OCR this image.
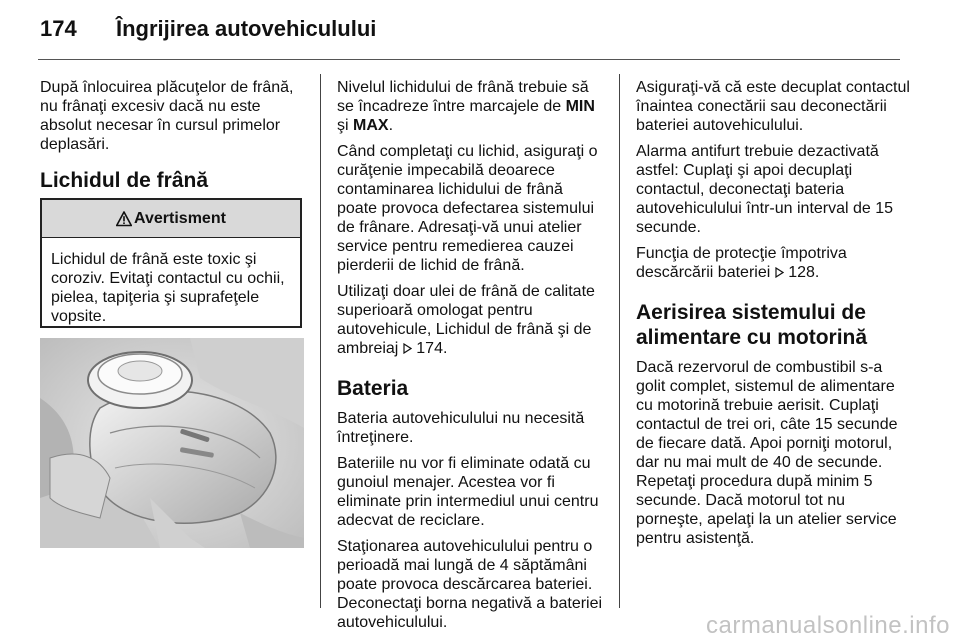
174	Îngrijirea autovehiculului

După înlocuirea plăcuţelor de frână, nu frânaţi excesiv dacă nu este absolut necesar în cursul primelor deplasări.

Lichidul de frână
Avertisment
Lichidul de frână este toxic şi coroziv. Evitaţi contactul cu ochii, pielea, tapiţeria şi suprafeţele vopsite.

Nivelul lichidului de frână trebuie să se încadreze între marcajele de MIN şi MAX.

Când completaţi cu lichid, asiguraţi o curăţenie impecabilă deoarece contaminarea lichidului de frână poate provoca defectarea sistemului de frânare. Adresaţi-vă unui atelier service pentru remedierea cauzei pierderii de lichid de frână.

Utilizaţi doar ulei de frână de calitate superioară omologat pentru autovehicule, Lichidul de frână şi de ambreiaj  174.

Bateria

Bateria autovehiculului nu necesită întreţinere.

Bateriile nu vor fi eliminate odată cu gunoiul menajer. Acestea vor fi eliminate prin intermediul unui centru adecvat de reciclare.

Staţionarea autovehiculului pentru o perioadă mai lungă de 4 săptămâni poate provoca descărcarea bateriei. Deconectaţi borna negativă a bateriei autovehiculului.

Asiguraţi-vă că este decuplat contactul înaintea conectării sau deconectării bateriei autovehiculului.

Alarma antifurt trebuie dezactivată astfel: Cuplaţi şi apoi decuplaţi contactul, deconectaţi bateria autovehiculului într-un interval de 15 secunde.

Funcţia de protecţie împotriva descărcării bateriei  128.

Aerisirea sistemului de alimentare cu motorină

Dacă rezervorul de combustibil s-a golit complet, sistemul de alimentare cu motorină trebuie aerisit. Cuplaţi contactul de trei ori, câte 15 secunde de fiecare dată. Apoi porniţi motorul, dar nu mai mult de 40 de secunde. Repetaţi procedura după minim 5 secunde. Dacă motorul tot nu porneşte, apelaţi la un atelier service pentru asistenţă.

carmanualsonline.info
